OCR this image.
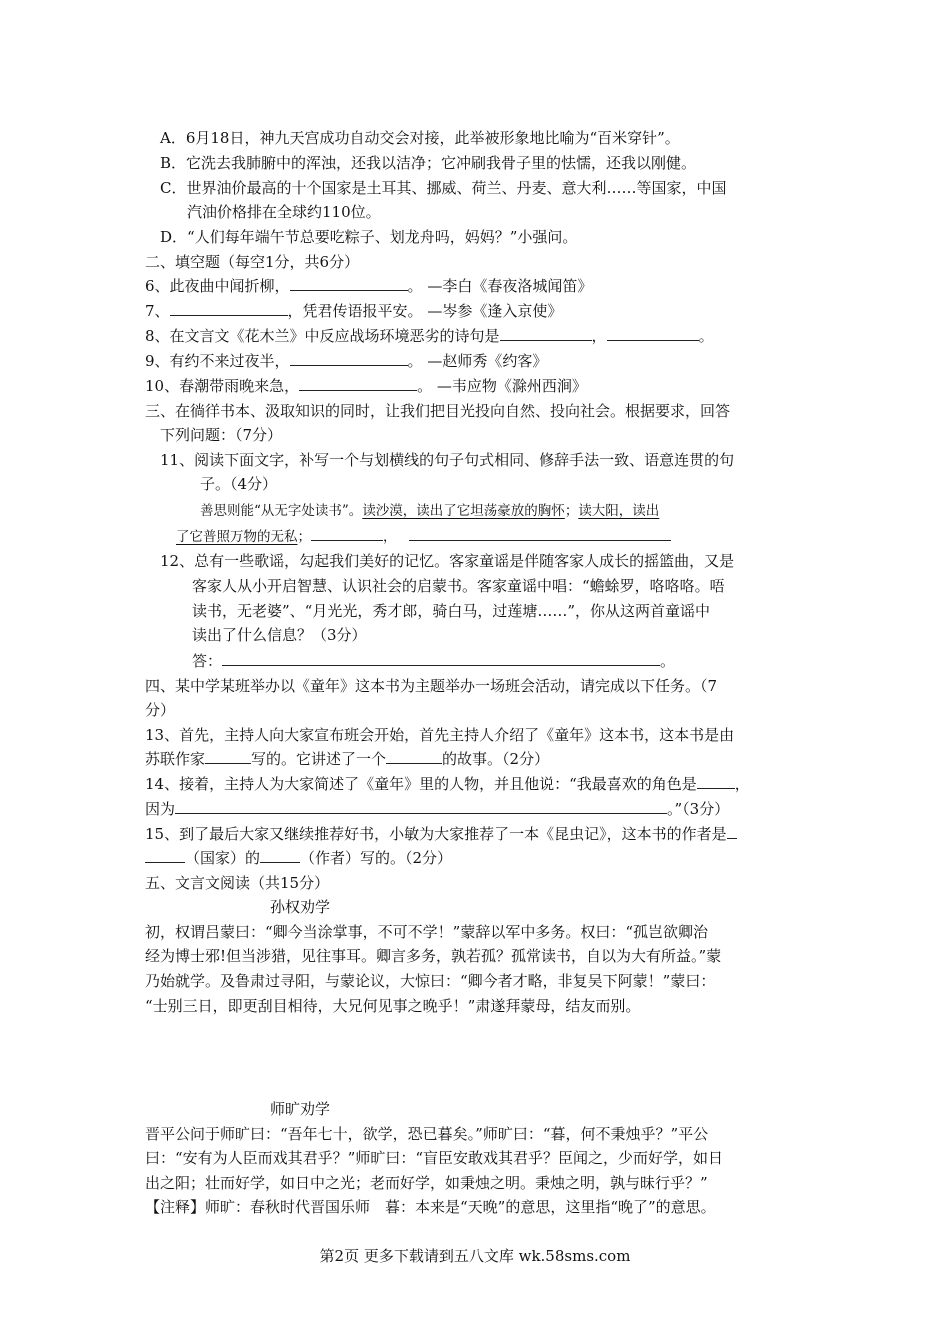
A．6月18日，神九天宫成功自动交会对接，此举被形象地比喻为“百米穿针”。
B．它洗去我肺腑中的浑浊，还我以洁净；它冲刷我骨子里的怯懦，还我以刚健。
C．世界油价最高的十个国家是土耳其、挪威、荷兰、丹麦、意大利……等国家，中国
汽油价格排在全球约110位。
D．“人们每年端午节总要吃粽子、划龙舟吗，妈妈？”小强问。
二、填空题（每空1分，共6分）
6、此夜曲中闻折柳，	。 —李白《春夜洛城闻笛》
7、	，凭君传语报平安。 —岑参《逢入京使》
8、在文言文《花木兰》中反应战场环境恶劣的诗句是	，	。
9、有约不来过夜半，	。 —赵师秀《约客》
10、春潮带雨晚来急，	。 —韦应物《滁州西涧》
三、在徜徉书本、汲取知识的同时，让我们把目光投向自然、投向社会。根据要求，回答
下列问题：（7分）
11、阅读下面文字，补写一个与划横线的句子句式相同、修辞手法一致、语意连贯的句
子。（4分）
善思则能“从无字处读书”。读沙漠，读出了它坦荡豪放的胸怀；读大阳，读出
了它普照万物的无私；	，
12、总有一些歌谣，勾起我们美好的记忆。客家童谣是伴随客家人成长的摇篮曲，又是
客家人从小开启智慧、认识社会的启蒙书。客家童谣中唱：“蟾蜍罗，咯咯咯。唔
读书，无老婆”、“月光光，秀才郎，骑白马，过莲塘……”，你从这两首童谣中
读出了什么信息？（3分）
答：	。
四、某中学某班举办以《童年》这本书为主题举办一场班会活动，请完成以下任务。（7
分）
13、首先，主持人向大家宣布班会开始，首先主持人介绍了《童年》这本书，这本书是由
苏联作家	写的。它讲述了一个	的故事。（2分）
14、接着，主持人为大家简述了《童年》里的人物，并且他说：“我最喜欢的角色是	，
因为	。”（3分）
15、到了最后大家又继续推荐好书，小敏为大家推荐了一本《昆虫记》，这本书的作者是
（国家）的	（作者）写的。（2分）
五、文言文阅读（共15分）
孙权劝学
初，权谓吕蒙曰：“卿今当涂掌事，不可不学！”蒙辞以军中多务。权曰：“孤岂欲卿治
经为博士邪!但当涉猎，见往事耳。卿言多务，孰若孤？孤常读书，自以为大有所益。”蒙
乃始就学。及鲁肃过寻阳，与蒙论议，大惊曰：“卿今者才略，非复吴下阿蒙！”蒙曰：
“士别三日，即更刮目相待，大兄何见事之晚乎！”肃遂拜蒙母，结友而别。
师旷劝学
晋平公问于师旷曰：“吾年七十，欲学，恐已暮矣。”师旷曰：“暮，何不秉烛乎？”平公
曰：“安有为人臣而戏其君乎？”师旷曰：“盲臣安敢戏其君乎？臣闻之，少而好学，如日
出之阳；壮而好学，如日中之光；老而好学，如秉烛之明。秉烛之明，孰与昧行乎？”
【注释】师旷：春秋时代晋国乐师　暮：本来是“天晚”的意思，这里指“晚了”的意思。
第2页 更多下载请到五八文库 wk.58sms.com
